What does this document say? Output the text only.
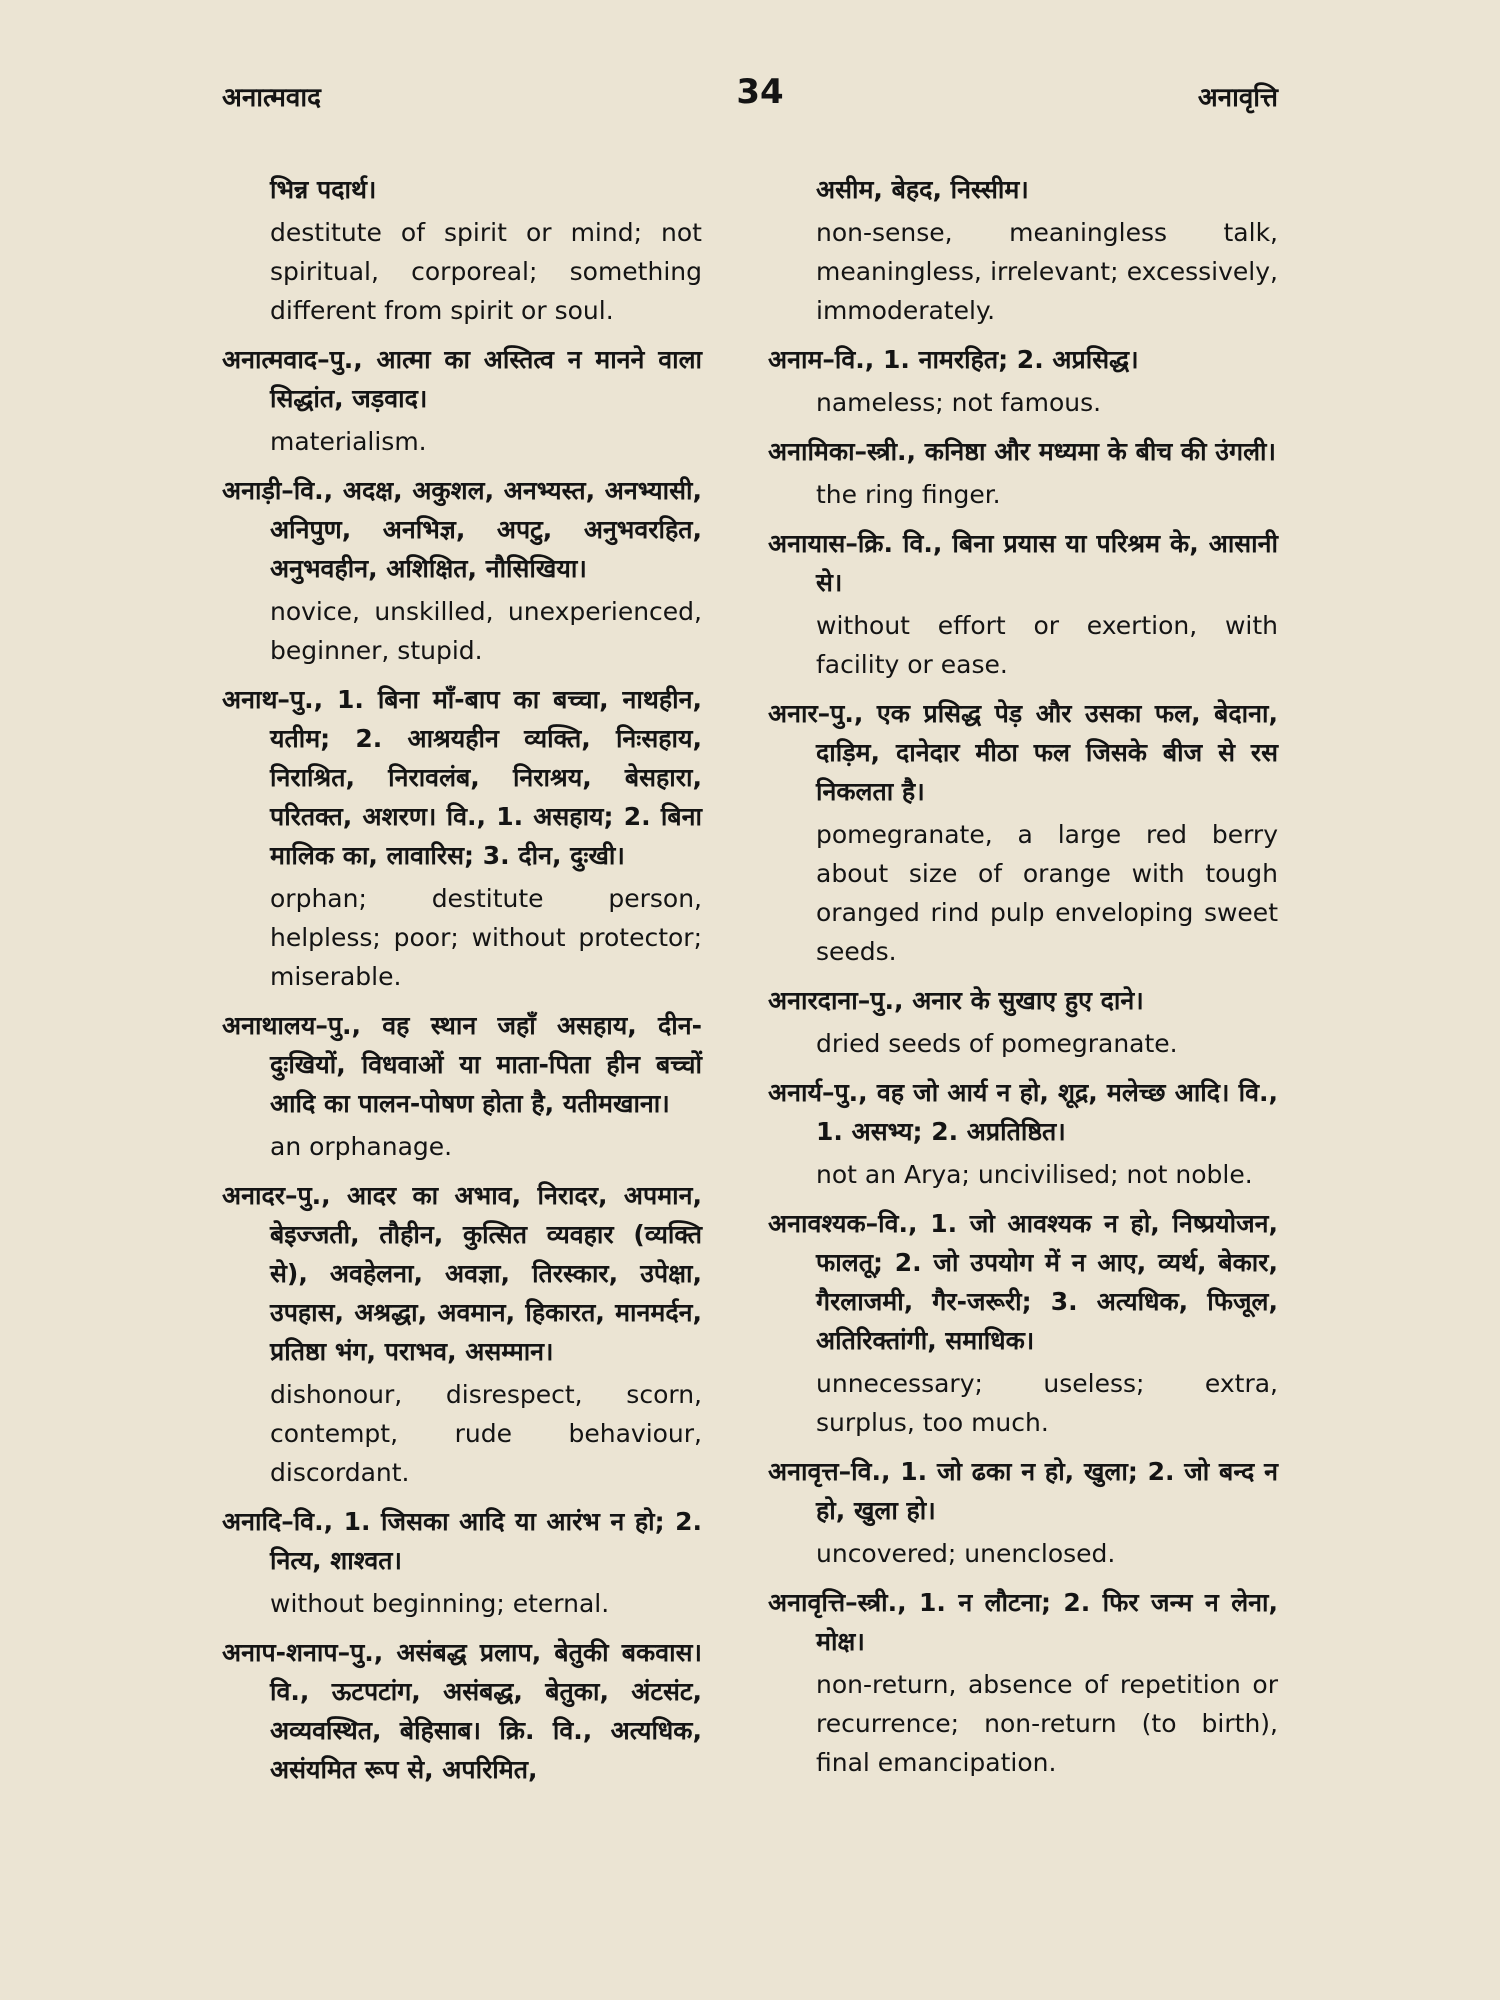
अनात्मवाद	34	अनावृत्ति
भिन्न पदार्थ।
destitute of spirit or mind; not spiritual, corporeal; something different from spirit or soul.
अनात्मवाद–पु., आत्मा का अस्तित्व न मानने वाला सिद्धांत, जड़वाद।
materialism.
अनाड़ी–वि., अदक्ष, अकुशल, अनभ्यस्त, अनभ्यासी, अनिपुण, अनभिज्ञ, अपटु, अनुभवरहित, अनुभवहीन, अशिक्षित, नौसिखिया।
novice, unskilled, unexperienced, beginner, stupid.
अनाथ–पु., 1. बिना माँ-बाप का बच्चा, नाथहीन, यतीम; 2. आश्रयहीन व्यक्ति, निःसहाय, निराश्रित, निरावलंब, निराश्रय, बेसहारा, परितक्त, अशरण। वि., 1. असहाय; 2. बिना मालिक का, लावारिस; 3. दीन, दुःखी।
orphan; destitute person, helpless; poor; without protector; miserable.
अनाथालय–पु., वह स्थान जहाँ असहाय, दीन-दुःखियों, विधवाओं या माता-पिता हीन बच्चों आदि का पालन-पोषण होता है, यतीमखाना।
an orphanage.
अनादर–पु., आदर का अभाव, निरादर, अपमान, बेइज्जती, तौहीन, कुत्सित व्यवहार (व्यक्ति से), अवहेलना, अवज्ञा, तिरस्कार, उपेक्षा, उपहास, अश्रद्धा, अवमान, हिकारत, मानमर्दन, प्रतिष्ठा भंग, पराभव, असम्मान।
dishonour, disrespect, scorn, contempt, rude behaviour, discordant.
अनादि–वि., 1. जिसका आदि या आरंभ न हो; 2. नित्य, शाश्वत।
without beginning; eternal.
अनाप-शनाप–पु., असंबद्ध प्रलाप, बेतुकी बकवास। वि., ऊटपटांग, असंबद्ध, बेतुका, अंटसंट, अव्यवस्थित, बेहिसाब। क्रि. वि., अत्यधिक, असंयमित रूप से, अपरिमित,
असीम, बेहद, निस्सीम।
non-sense, meaningless talk, meaningless, irrelevant; excessively, immoderately.
अनाम–वि., 1. नामरहित; 2. अप्रसिद्ध।
nameless; not famous.
अनामिका–स्त्री., कनिष्ठा और मध्यमा के बीच की उंगली।
the ring finger.
अनायास–क्रि. वि., बिना प्रयास या परिश्रम के, आसानी से।
without effort or exertion, with facility or ease.
अनार–पु., एक प्रसिद्ध पेड़ और उसका फल, बेदाना, दाड़िम, दानेदार मीठा फल जिसके बीज से रस निकलता है।
pomegranate, a large red berry about size of orange with tough oranged rind pulp enveloping sweet seeds.
अनारदाना–पु., अनार के सुखाए हुए दाने।
dried seeds of pomegranate.
अनार्य–पु., वह जो आर्य न हो, शूद्र, मलेच्छ आदि। वि., 1. असभ्य; 2. अप्रतिष्ठित।
not an Arya; uncivilised; not noble.
अनावश्यक–वि., 1. जो आवश्यक न हो, निष्प्रयोजन, फालतू; 2. जो उपयोग में न आए, व्यर्थ, बेकार, गैरलाजमी, गैर-जरूरी; 3. अत्यधिक, फिजूल, अतिरिक्तांगी, समाधिक।
unnecessary; useless; extra, surplus, too much.
अनावृत्त–वि., 1. जो ढका न हो, खुला; 2. जो बन्द न हो, खुला हो।
uncovered; unenclosed.
अनावृत्ति–स्त्री., 1. न लौटना; 2. फिर जन्म न लेना, मोक्ष।
non-return, absence of repetition or recurrence; non-return (to birth), final emancipation.
